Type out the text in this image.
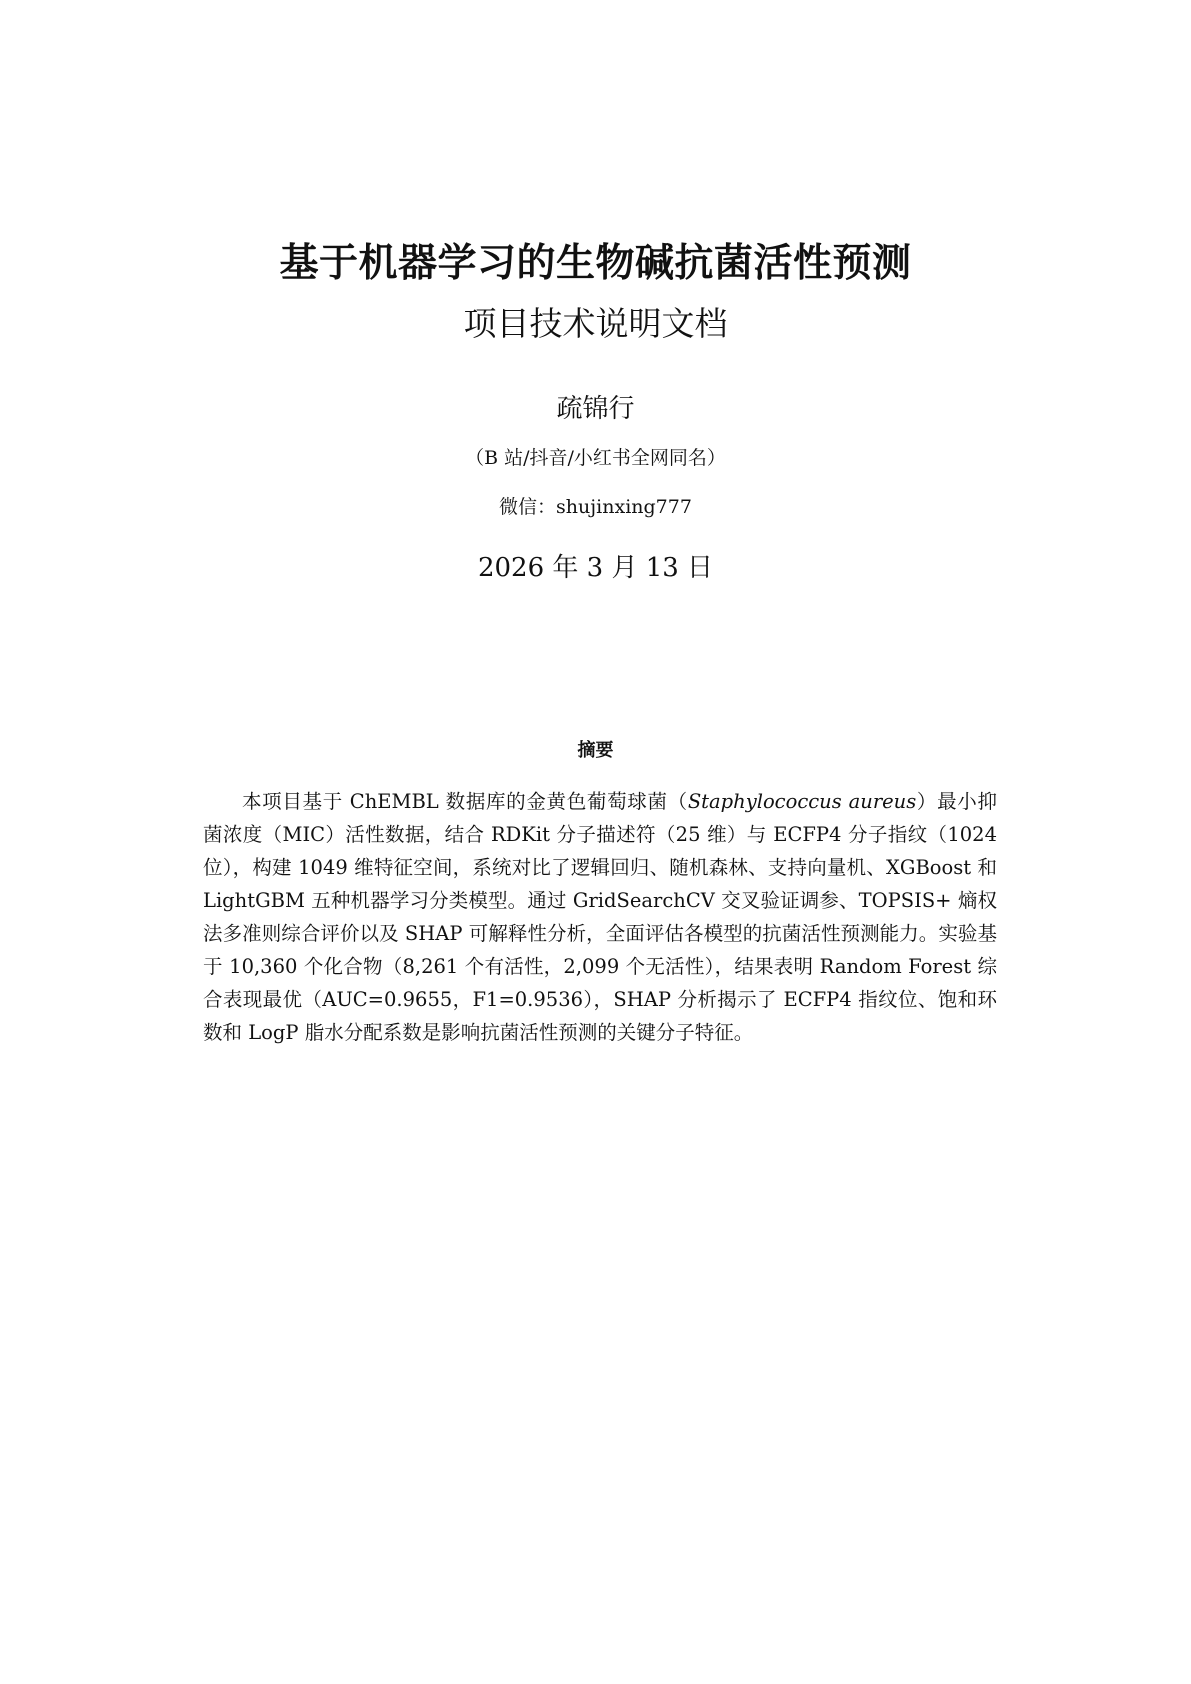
基于机器学习的生物碱抗菌活性预测
项目技术说明文档
疏锦行
（B 站/抖音/小红书全网同名）
微信：shujinxing777
2026 年 3 月 13 日
摘要

本项目基于 ChEMBL 数据库的金黄色葡萄球菌（Staphylococcus aureus）最小抑菌浓度（MIC）活性数据，结合 RDKit 分子描述符（25 维）与 ECFP4 分子指纹（1024 位），构建 1049 维特征空间，系统对比了逻辑回归、随机森林、支持向量机、XGBoost 和 LightGBM 五种机器学习分类模型。通过 GridSearchCV 交叉验证调参、TOPSIS+ 熵权法多准则综合评价以及 SHAP 可解释性分析，全面评估各模型的抗菌活性预测能力。实验基于 10,360 个化合物（8,261 个有活性，2,099 个无活性），结果表明 Random Forest 综合表现最优（AUC=0.9655，F1=0.9536），SHAP 分析揭示了 ECFP4 指纹位、饱和环数和 LogP 脂水分配系数是影响抗菌活性预测的关键分子特征。
